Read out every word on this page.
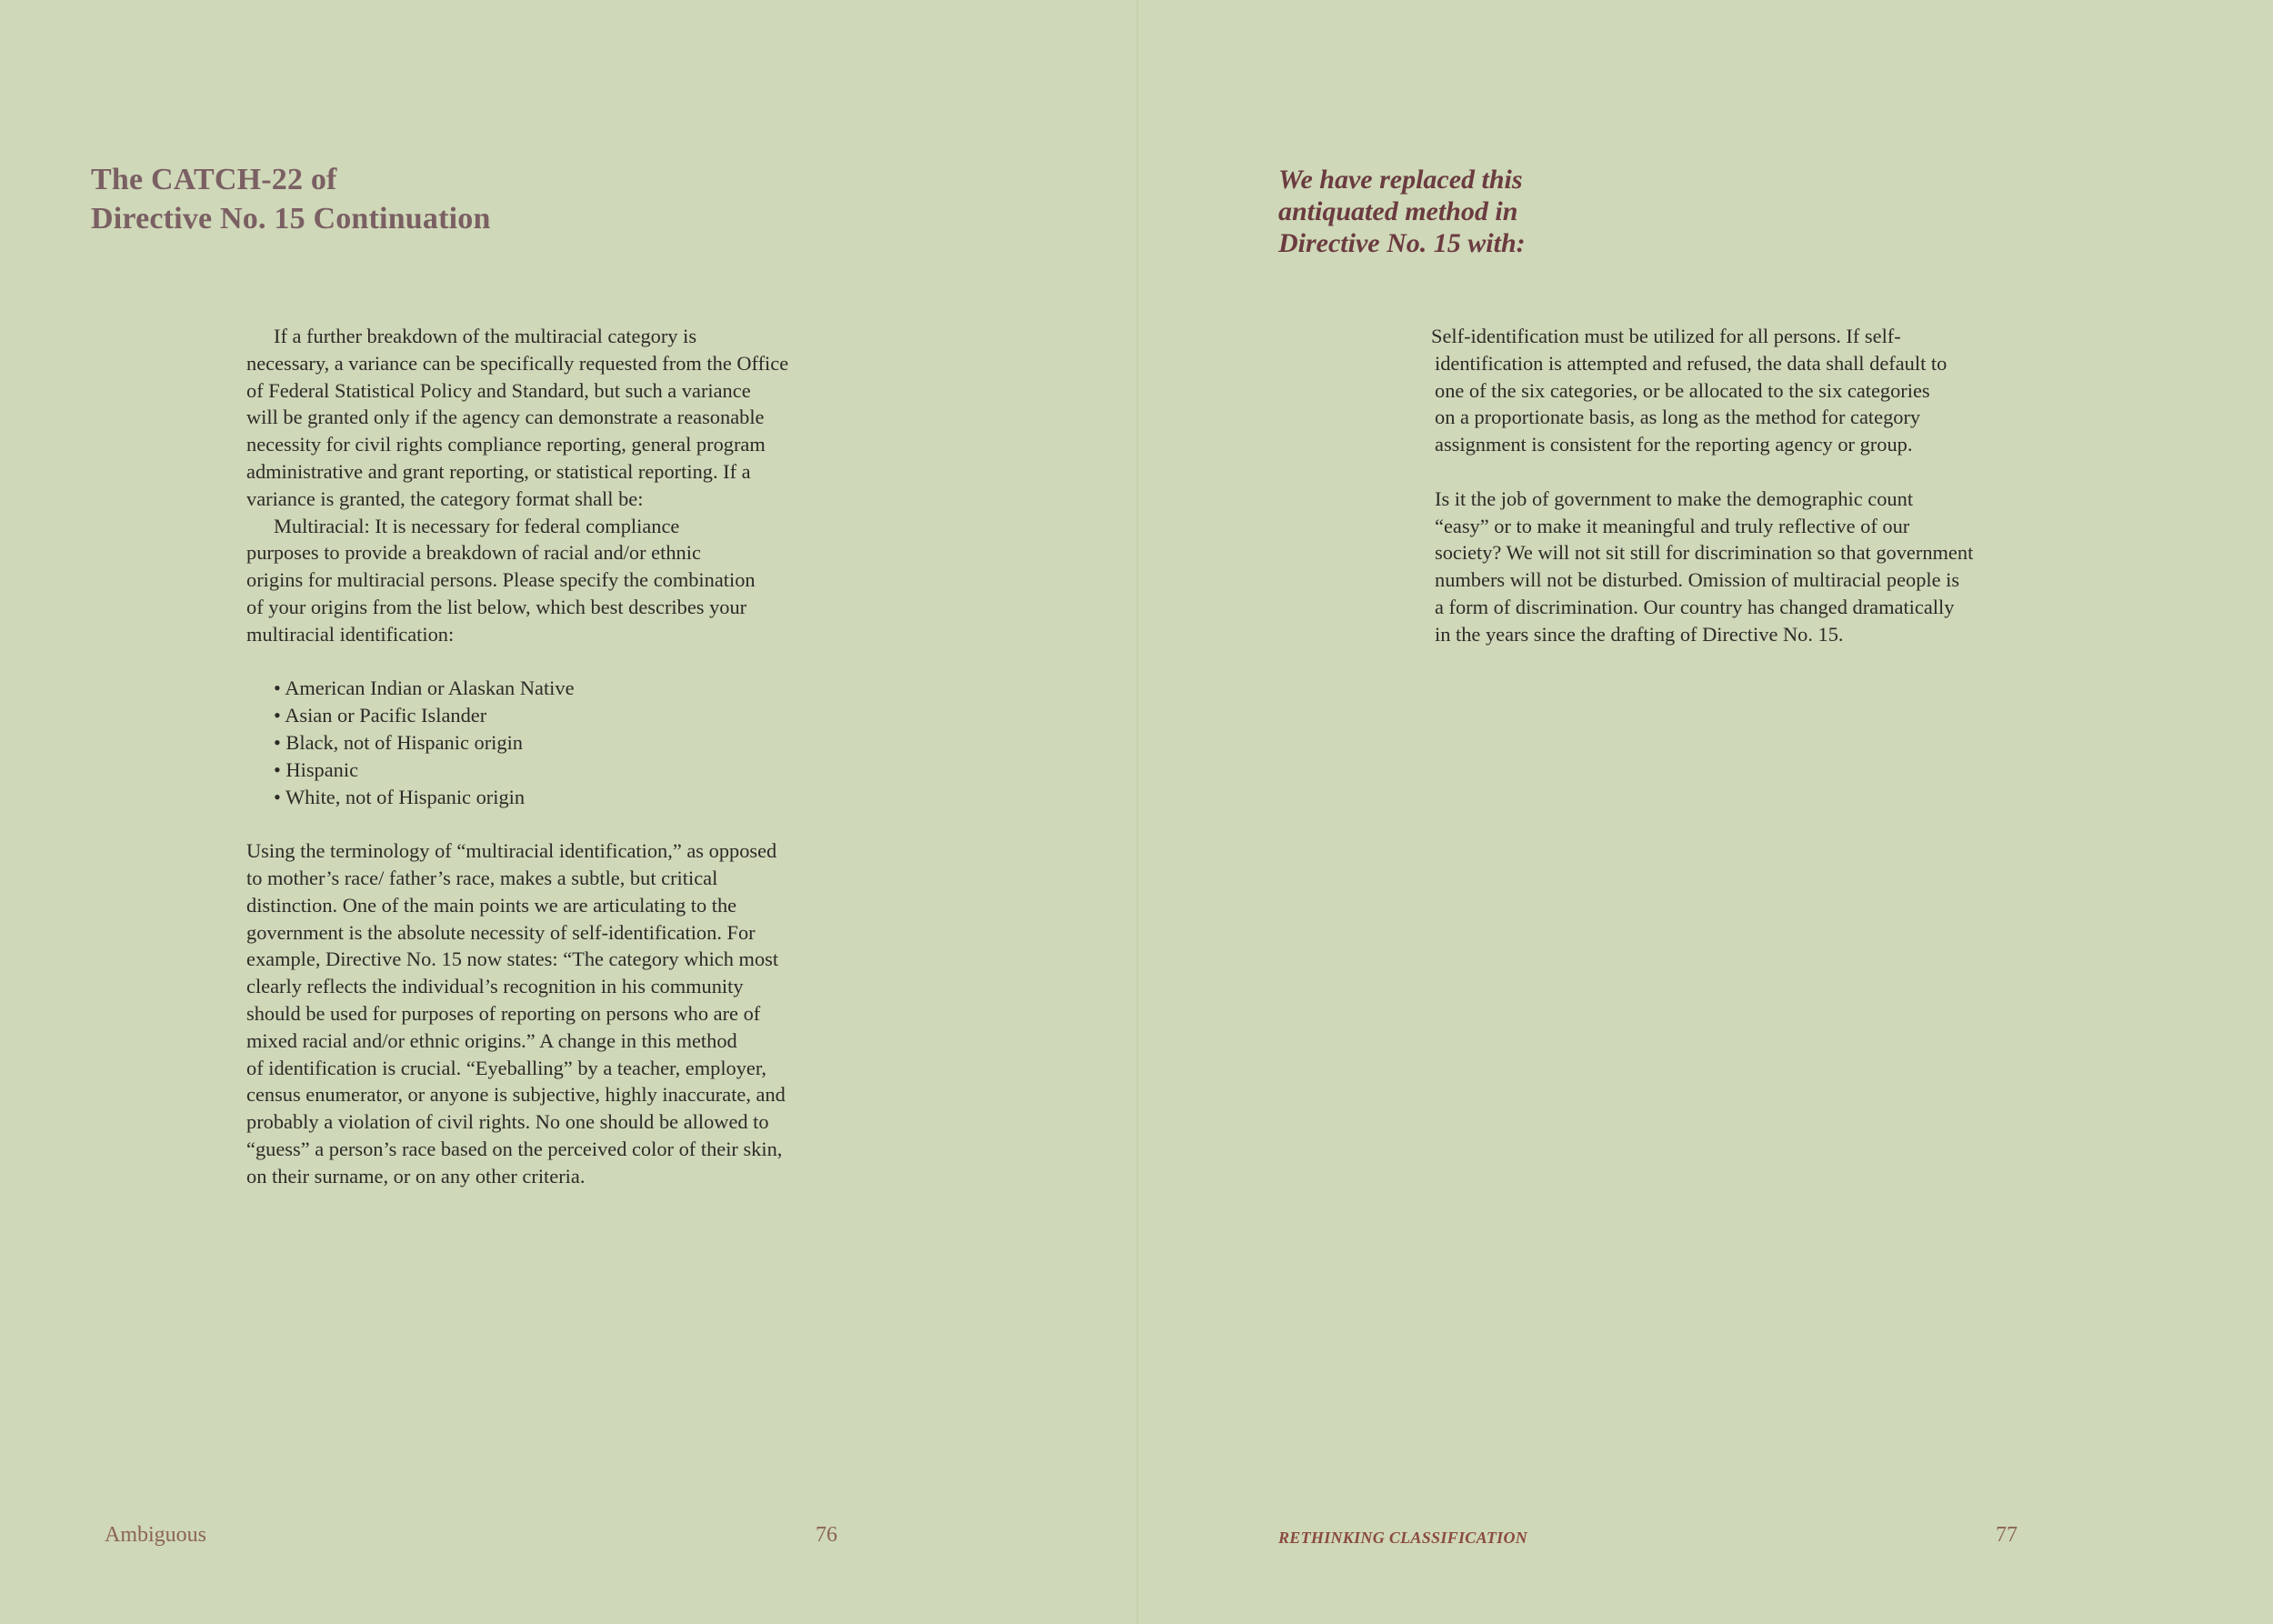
The CATCH-22 of
Directive No. 15 Continuation
If a further breakdown of the multiracial category is
necessary, a variance can be specifically requested from the Office
of Federal Statistical Policy and Standard, but such a variance
will be granted only if the agency can demonstrate a reasonable
necessity for civil rights compliance reporting, general program
administrative and grant reporting, or statistical reporting. If a
variance is granted, the category format shall be:
Multiracial: It is necessary for federal compliance
purposes to provide a breakdown of racial and/or ethnic
origins for multiracial persons. Please specify the combination
of your origins from the list below, which best describes your
multiracial identification:
• American Indian or Alaskan Native
• Asian or Pacific Islander
• Black, not of Hispanic origin
• Hispanic
• White, not of Hispanic origin
Using the terminology of “multiracial identification,” as opposed
to mother’s race/ father’s race, makes a subtle, but critical
distinction. One of the main points we are articulating to the
government is the absolute necessity of self-identification. For
example, Directive No. 15 now states: “The category which most
clearly reflects the individual’s recognition in his community
should be used for purposes of reporting on persons who are of
mixed racial and/or ethnic origins.” A change in this method
of identification is crucial. “Eyeballing” by a teacher, employer,
census enumerator, or anyone is subjective, highly inaccurate, and
probably a violation of civil rights. No one should be allowed to
“guess” a person’s race based on the perceived color of their skin,
on their surname, or on any other criteria.
Ambiguous	76
We have replaced this
antiquated method in
Directive No. 15 with:
Self-identification must be utilized for all persons. If self-
identification is attempted and refused, the data shall default to
one of the six categories, or be allocated to the six categories
on a proportionate basis, as long as the method for category
assignment is consistent for the reporting agency or group.
Is it the job of government to make the demographic count
“easy” or to make it meaningful and truly reflective of our
society? We will not sit still for discrimination so that government
numbers will not be disturbed. Omission of multiracial people is
a form of discrimination. Our country has changed dramatically
in the years since the drafting of Directive No. 15.
RETHINKING CLASSIFICATION	77
